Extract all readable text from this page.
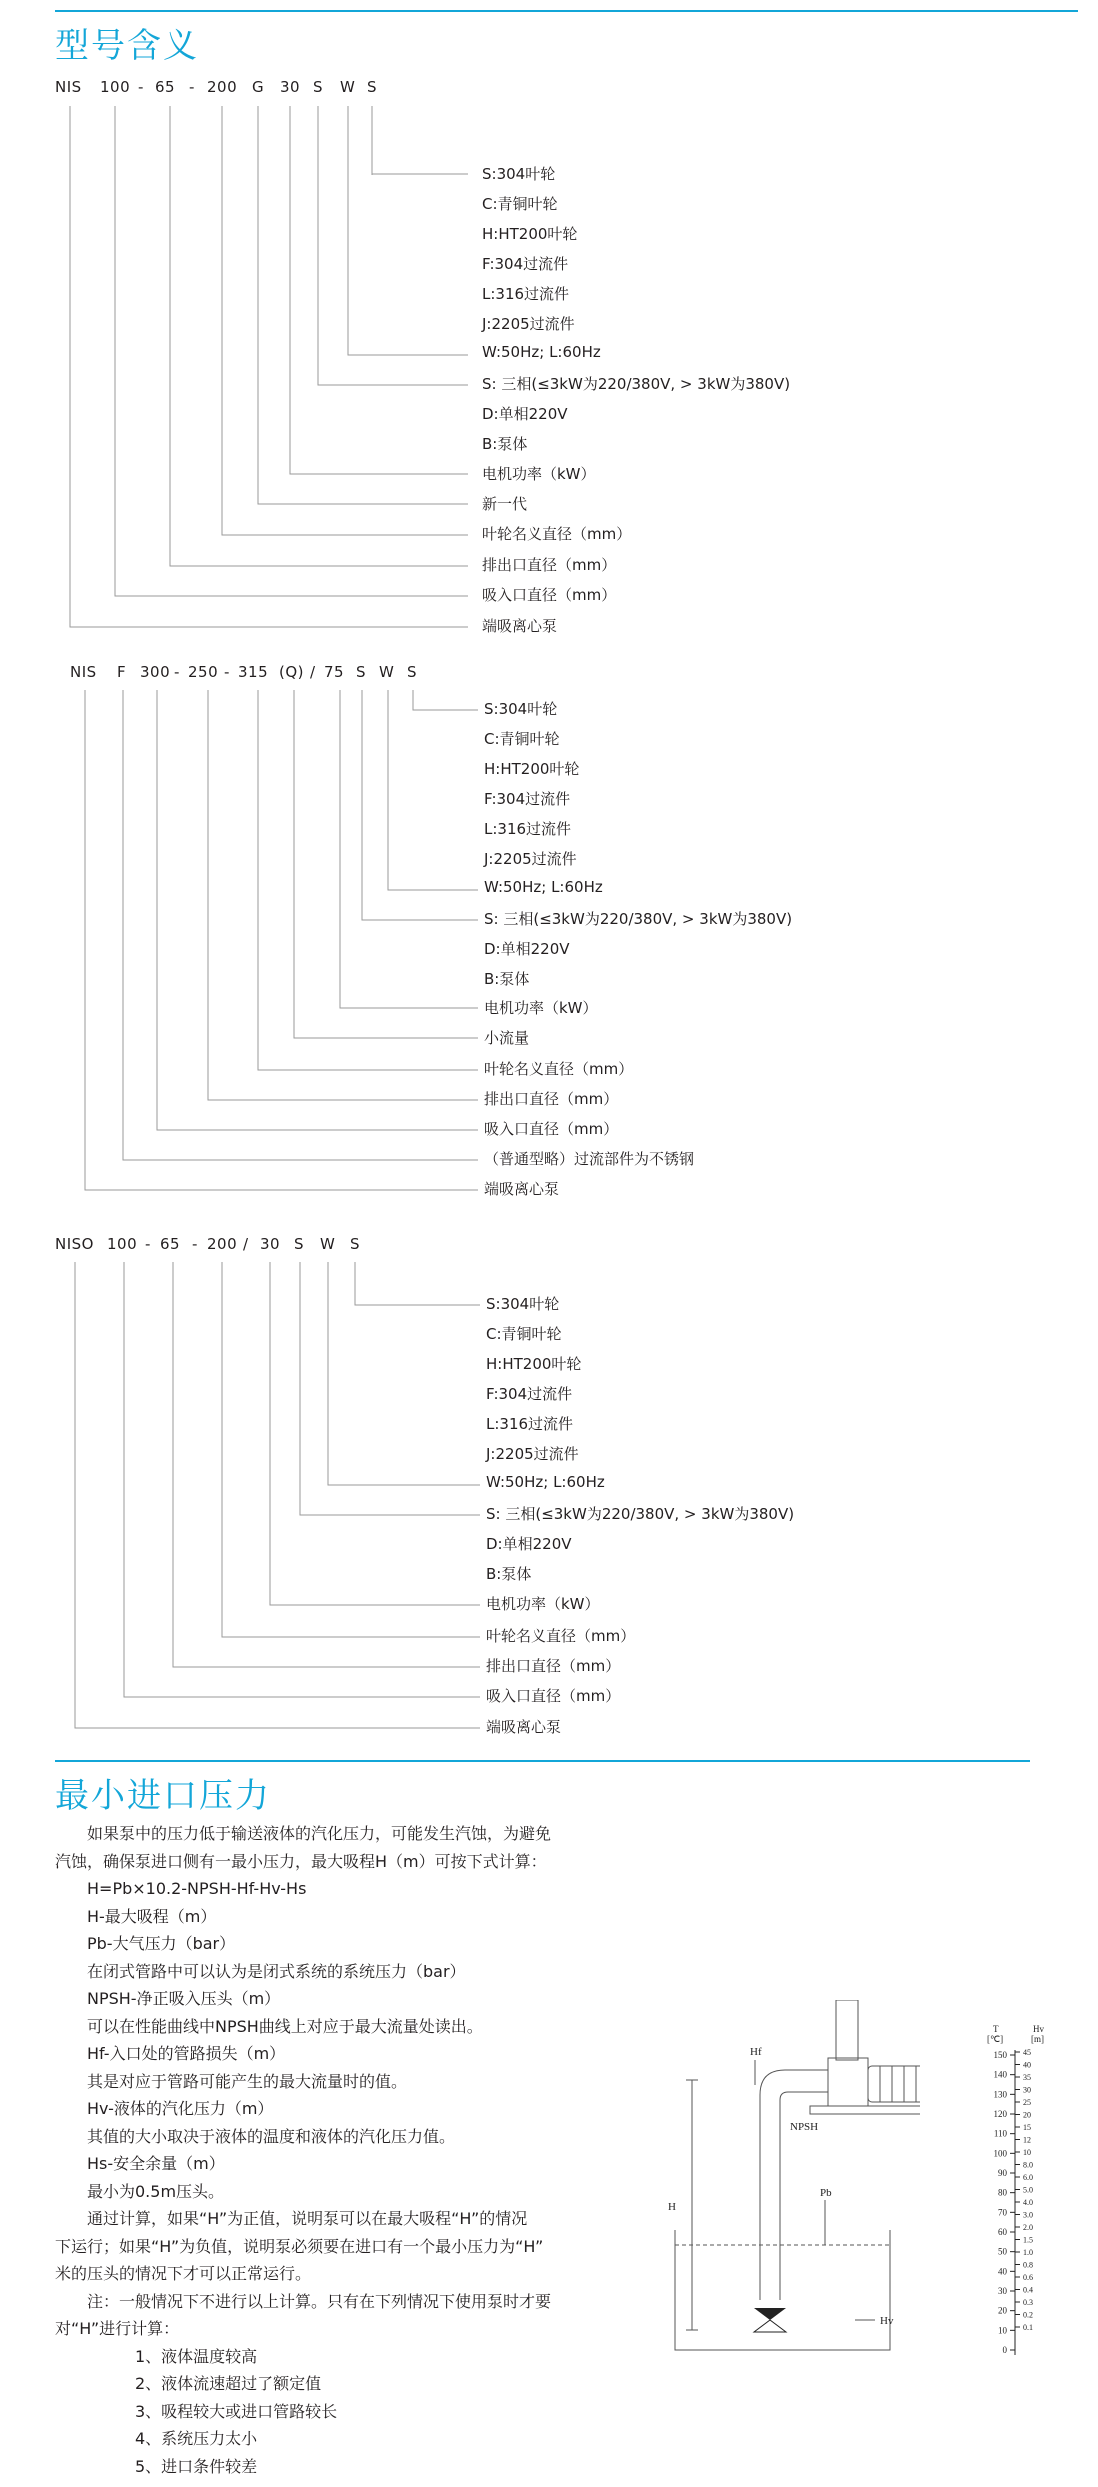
型号含义
NIS 100 - 65 - 200 G 30 S W S
S:304叶轮
C:青铜叶轮
H:HT200叶轮
F:304过流件
L:316过流件
J:2205过流件
W:50Hz; L:60Hz
S: 三相(≤3kW为220/380V, > 3kW为380V)
D:单相220V
B:泵体
电机功率（kW）
新一代
叶轮名义直径（mm）
排出口直径（mm）
吸入口直径（mm）
端吸离心泵
NIS F 300 - 250 - 315 (Q) / 75 S W S
S:304叶轮
C:青铜叶轮
H:HT200叶轮
F:304过流件
L:316过流件
J:2205过流件
W:50Hz; L:60Hz
S: 三相(≤3kW为220/380V, > 3kW为380V)
D:单相220V
B:泵体
电机功率（kW）
小流量
叶轮名义直径（mm）
排出口直径（mm）
吸入口直径（mm）
（普通型略）过流部件为不锈钢
端吸离心泵
NISO 100 - 65 - 200 / 30 S W S
S:304叶轮
C:青铜叶轮
H:HT200叶轮
F:304过流件
L:316过流件
J:2205过流件
W:50Hz; L:60Hz
S: 三相(≤3kW为220/380V, > 3kW为380V)
D:单相220V
B:泵体
电机功率（kW）
叶轮名义直径（mm）
排出口直径（mm）
吸入口直径（mm）
端吸离心泵
最小进口压力
　　如果泵中的压力低于输送液体的汽化压力，可能发生汽蚀，为避免
汽蚀，确保泵进口侧有一最小压力，最大吸程H（m）可按下式计算：
　　H=Pb×10.2-NPSH-Hf-Hv-Hs
　　H-最大吸程（m）
　　Pb-大气压力（bar）
　　在闭式管路中可以认为是闭式系统的系统压力（bar）
　　NPSH-净正吸入压头（m）
　　可以在性能曲线中NPSH曲线上对应于最大流量处读出。
　　Hf-入口处的管路损失（m）
　　其是对应于管路可能产生的最大流量时的值。
　　Hv-液体的汽化压力（m）
　　其值的大小取决于液体的温度和液体的汽化压力值。
　　Hs-安全余量（m）
　　最小为0.5m压头。
　　通过计算，如果“H”为正值，说明泵可以在最大吸程“H”的情况
下运行；如果“H”为负值，说明泵必须要在进口有一个最小压力为“H”
米的压头的情况下才可以正常运行。
　　注：一般情况下不进行以上计算。只有在下列情况下使用泵时才要
对“H”进行计算：
　　　　　1、液体温度较高
　　　　　2、液体流速超过了额定值
　　　　　3、吸程较大或进口管路较长
　　　　　4、系统压力太小
　　　　　5、进口条件较差
Hf
NPSH
H
Pb
Hv
T
[℃]
Hv
[m]
150
140
130
120
110
100
90
80
70
60
50
40
30
20
10
0
45
40
35
30
25
20
15
12
10
8.0
6.0
5.0
4.0
3.0
2.0
1.5
1.0
0.8
0.6
0.4
0.3
0.2
0.1
